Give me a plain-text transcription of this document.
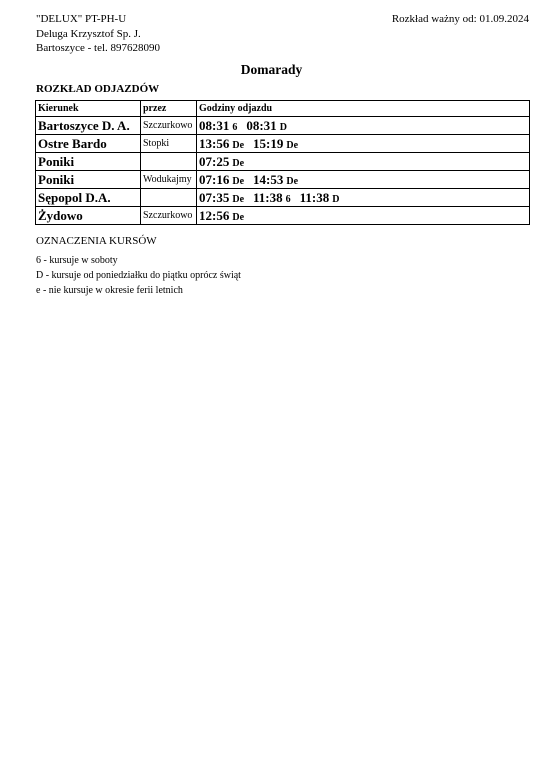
"DELUX" PT-PH-U
Deluga Krzysztof Sp. J.
Bartoszyce - tel. 897628090
Rozkład ważny od: 01.09.2024
Domarady
ROZKŁAD ODJAZDÓW
Kierunek	przez	Godziny odjazdu
Bartoszyce D. A.	Szczurkowo	08:31 6 08:31 D
Ostre Bardo	Stopki	13:56 De 15:19 De
Poniki		07:25 De
Poniki	Wodukajmy	07:16 De 14:53 De
Sępopol D.A.		07:35 De 11:38 6 11:38 D
Żydowo	Szczurkowo	12:56 De
OZNACZENIA KURSÓW
6 - kursuje w soboty
D - kursuje od poniedziałku do piątku oprócz świąt
e - nie kursuje w okresie ferii letnich
